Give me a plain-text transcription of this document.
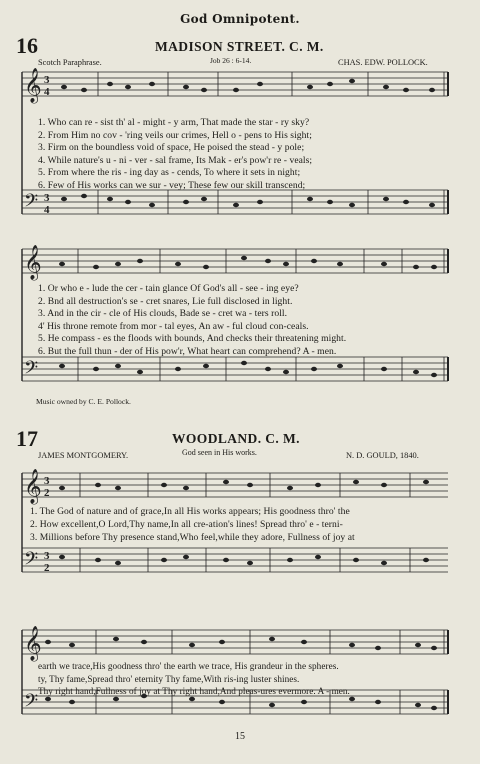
God Omnipotent.
16	MADISON STREET. C. M.
Scotch Paraphrase.	Job 26 : 6-14.	CHAS. EDW. POLLOCK.
𝄞
𝄢
𝄞
𝄢
𝄞
𝄢
𝄞
𝄢
3
4
3
4
3
2
3
2
1. Who can re - sist th' al - might - y arm, That made the star - ry sky?
2. From Him no cov - 'ring veils our crimes, Hell o - pens to His sight;
3. Firm on the boundless void of space, He poised the stead - y pole;
4. While nature's u - ni - ver - sal frame, Its Mak - er's pow'r re - veals;
5. From where the ris - ing day as - cends, To where it sets in night;
6. Few of His works can we sur - vey; These few our skill transcend;
1. Or who e - lude the cer - tain glance Of God's all - see - ing eye?
2. Bnd all destruction's se - cret snares, Lie full disclosed in light.
3. And in the cir - cle of His clouds, Bade se - cret wa - ters roll.
4' His throne remote from mor - tal eyes, An aw - ful cloud con-ceals.
5. He compass - es the floods with bounds, And checks their threatening might.
6. But the full thun - der of His pow'r, What heart can comprehend? A - men.
Music owned by C. E. Pollock.
17	WOODLAND. C. M.
JAMES MONTGOMERY.	God seen in His works.	N. D. GOULD, 1840.
1. The God of nature and of grace,In all His works appears; His goodness thro' the
2. How excellent,O Lord,Thy name,In all cre-ation's lines! Spread thro' e - terni-
3. Millions before Thy presence stand,Who feel,while they adore, Fullness of joy at
earth we trace,His goodness thro' the earth we trace, His grandeur in the spheres.
ty, Thy fame,Spread thro' eternity Thy fame,With ris-ing luster shines.
Thy right hand,Fullness of joy at Thy right hand,And pleas-ures evermore. A - men.
15
